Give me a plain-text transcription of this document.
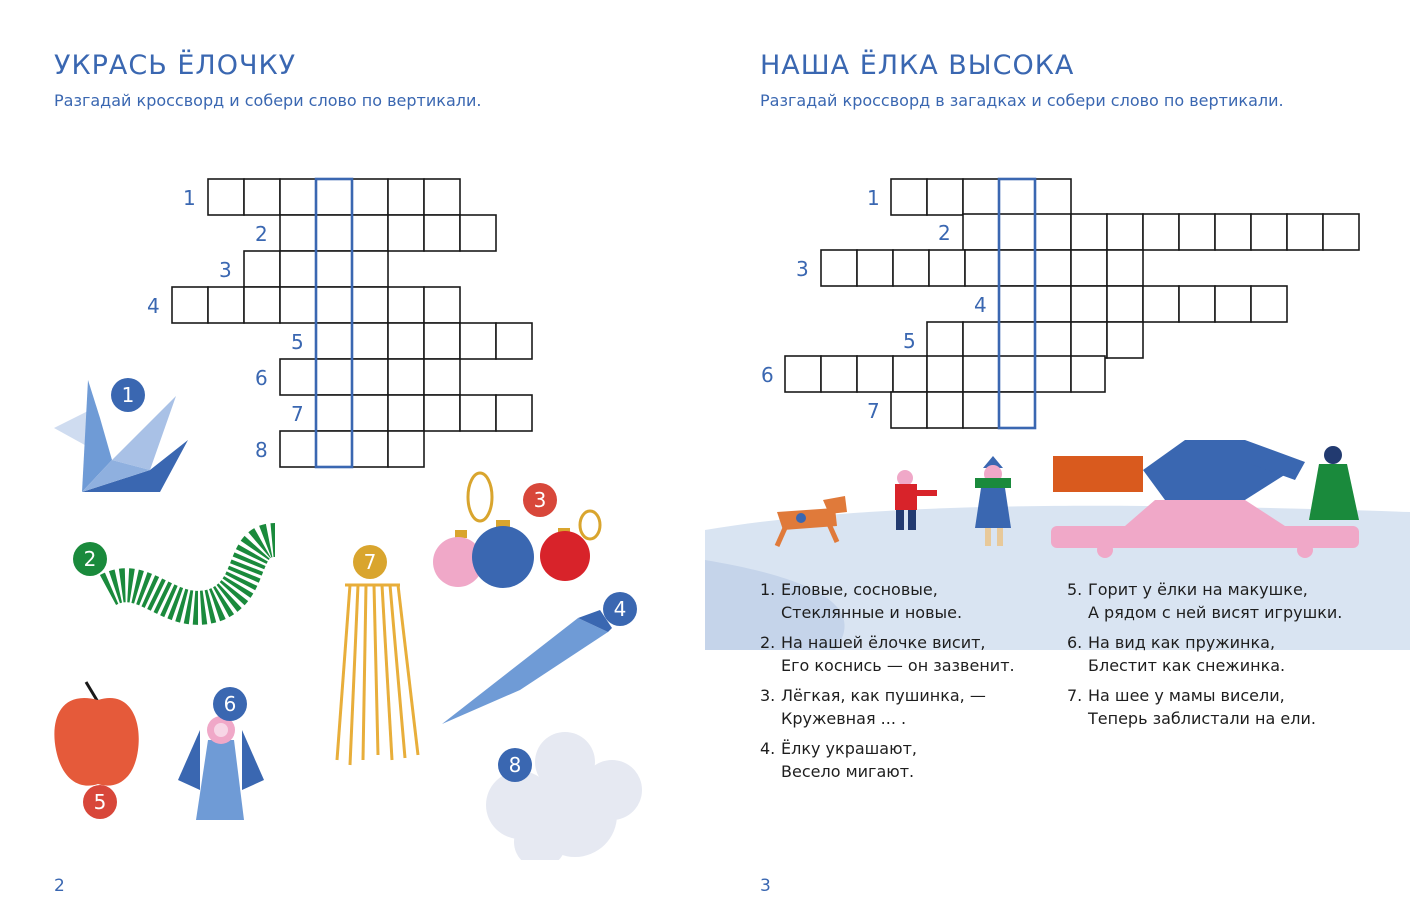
УКРАСЬ ЁЛОЧКУ

Разгадай кроссворд и собери слово по вертикали.

1
2
3
4
5
6
7
8
1
2
3
4
5
6
7
8
2
НАША ЁЛКА ВЫСОКА

Разгадай кроссворд в загадках и собери слово по вертикали.

1
2
3
4
5
6
7
1. Еловые, сосновые,
Стеклянные и новые.
2. На нашей ёлочке висит,
Его коснись — он зазвенит.
3. Лёгкая, как пушинка, —
Кружевная ... .
4. Ёлку украшают,
Весело мигают.
5. Горит у ёлки на макушке,
А рядом с ней висят игрушки.
6. На вид как пружинка,
Блестит как снежинка.
7. На шее у мамы висели,
Теперь заблистали на ели.
3
